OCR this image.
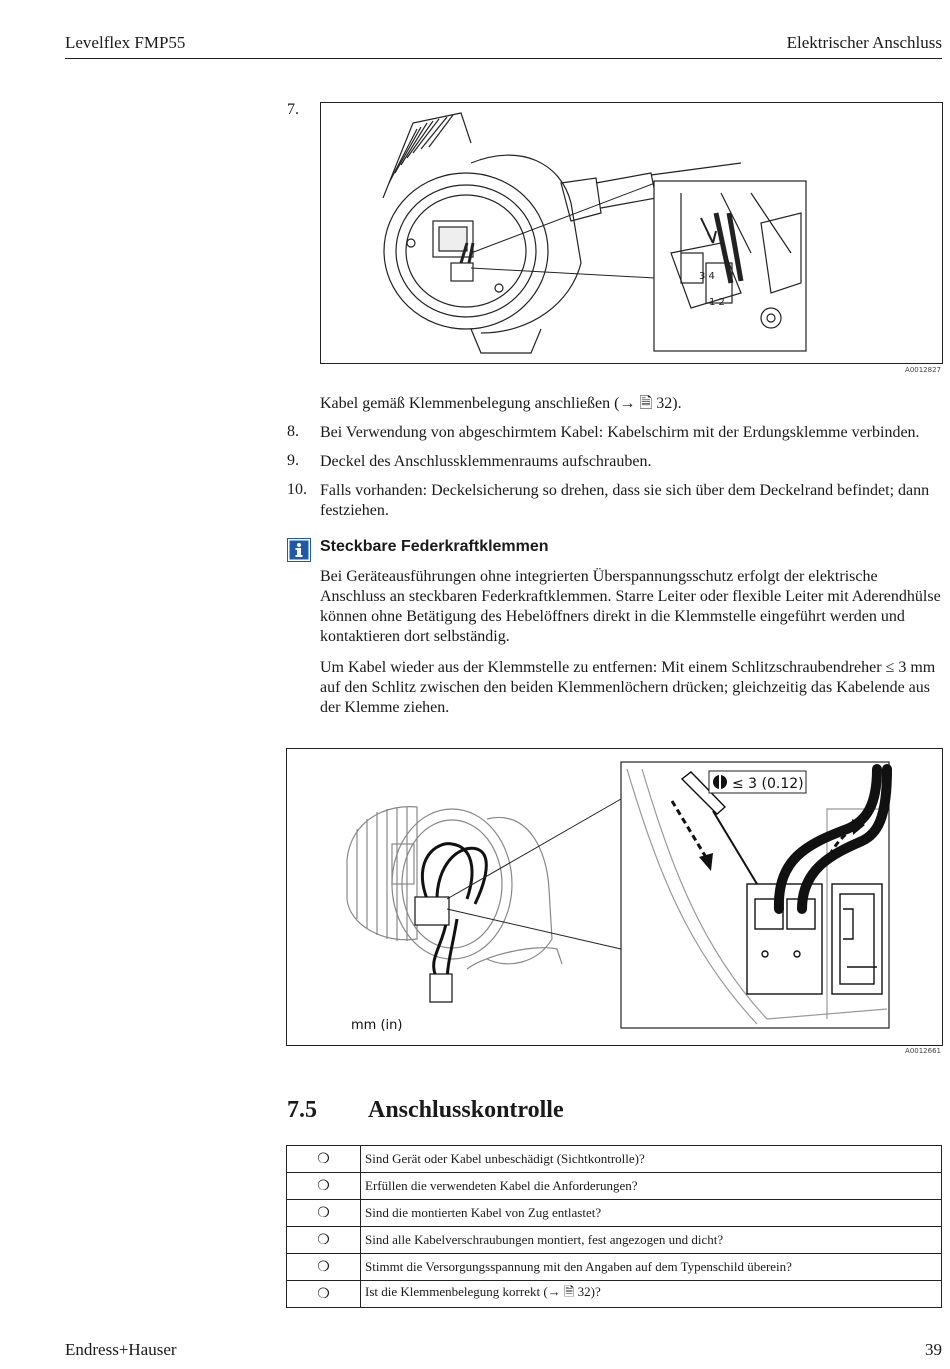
Levelflex FMP55	Elektrischer Anschluss
7.
3 4
1 2
A0012827
Kabel gemäß Klemmenbelegung anschließen (→ 🗎 32).
8. Bei Verwendung von abgeschirmtem Kabel: Kabelschirm mit der Erdungsklemme verbinden.
9. Deckel des Anschlussklemmenraums aufschrauben.
10. Falls vorhanden: Deckelsicherung so drehen, dass sie sich über dem Deckelrand befindet; dann festziehen.
Steckbare Federkraftklemmen
Bei Geräteausführungen ohne integrierten Überspannungsschutz erfolgt der elektrische Anschluss an steckbaren Federkraftklemmen. Starre Leiter oder flexible Leiter mit Aderendhülse können ohne Betätigung des Hebelöffners direkt in die Klemmstelle eingeführt werden und kontaktieren dort selbständig.
Um Kabel wieder aus der Klemmstelle zu entfernen: Mit einem Schlitzschraubendreher ≤ 3 mm auf den Schlitz zwischen den beiden Klemmenlöchern drücken; gleichzeitig das Kabelende aus der Klemme ziehen.
≤ 3 (0.12)
mm (in)
A0012661
7.5 Anschlusskontrolle
❍	Sind Gerät oder Kabel unbeschädigt (Sichtkontrolle)?
❍	Erfüllen die verwendeten Kabel die Anforderungen?
❍	Sind die montierten Kabel von Zug entlastet?
❍	Sind alle Kabelverschraubungen montiert, fest angezogen und dicht?
❍	Stimmt die Versorgungsspannung mit den Angaben auf dem Typenschild überein?
❍	Ist die Klemmenbelegung korrekt (→ 🗎 32)?
Endress+Hauser	39
